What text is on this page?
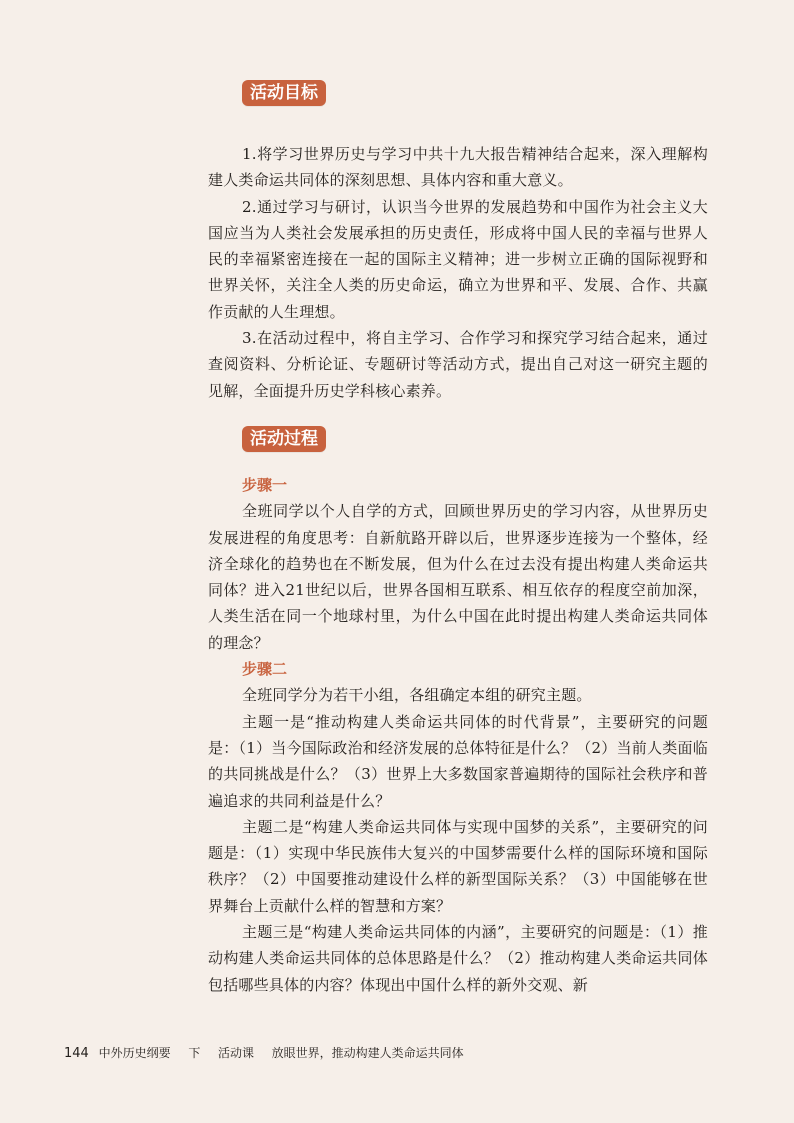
活动目标

1.将学习世界历史与学习中共十九大报告精神结合起来，深入理解构建人类命运共同体的深刻思想、具体内容和重大意义。

2.通过学习与研讨，认识当今世界的发展趋势和中国作为社会主义大国应当为人类社会发展承担的历史责任，形成将中国人民的幸福与世界人民的幸福紧密连接在一起的国际主义精神；进一步树立正确的国际视野和世界关怀，关注全人类的历史命运，确立为世界和平、发展、合作、共赢作贡献的人生理想。

3.在活动过程中，将自主学习、合作学习和探究学习结合起来，通过查阅资料、分析论证、专题研讨等活动方式，提出自己对这一研究主题的见解，全面提升历史学科核心素养。

活动过程

步骤一

全班同学以个人自学的方式，回顾世界历史的学习内容，从世界历史发展进程的角度思考：自新航路开辟以后，世界逐步连接为一个整体，经济全球化的趋势也在不断发展，但为什么在过去没有提出构建人类命运共同体？进入21世纪以后，世界各国相互联系、相互依存的程度空前加深，人类生活在同一个地球村里，为什么中国在此时提出构建人类命运共同体的理念？

步骤二

全班同学分为若干小组，各组确定本组的研究主题。

主题一是“推动构建人类命运共同体的时代背景”，主要研究的问题是：（1）当今国际政治和经济发展的总体特征是什么？（2）当前人类面临的共同挑战是什么？（3）世界上大多数国家普遍期待的国际社会秩序和普遍追求的共同利益是什么？

主题二是“构建人类命运共同体与实现中国梦的关系”，主要研究的问题是：（1）实现中华民族伟大复兴的中国梦需要什么样的国际环境和国际秩序？（2）中国要推动建设什么样的新型国际关系？（3）中国能够在世界舞台上贡献什么样的智慧和方案？

主题三是“构建人类命运共同体的内涵”，主要研究的问题是：（1）推动构建人类命运共同体的总体思路是什么？（2）推动构建人类命运共同体包括哪些具体的内容？体现出中国什么样的新外交观、新

144 中外历史纲要 下 活动课 放眼世界，推动构建人类命运共同体
